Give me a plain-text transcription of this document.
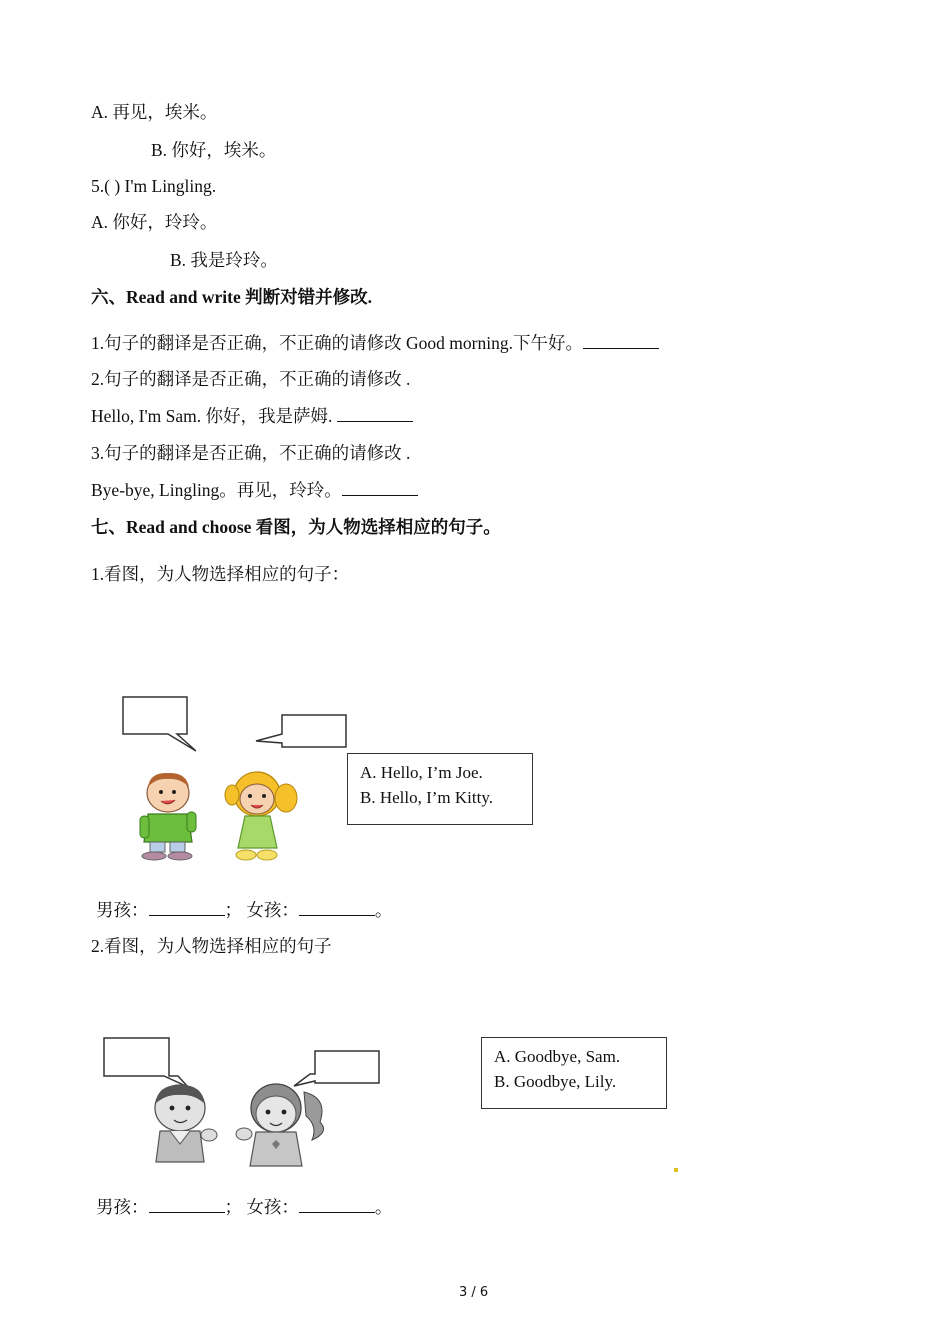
A. 再见，埃米。
B. 你好，埃米。
5.( ) I'm Lingling.
A. 你好，玲玲。
B. 我是玲玲。
六、Read and write 判断对错并修改.
1.句子的翻译是否正确，不正确的请修改 Good morning.下午好。
2.句子的翻译是否正确，不正确的请修改 .
Hello, I'm Sam. 你好，我是萨姆.
3.句子的翻译是否正确，不正确的请修改 .
Bye-bye, Lingling。再见，玲玲。
七、Read and choose 看图，为人物选择相应的句子。
1.看图，为人物选择相应的句子：
A. Hello, I’m Joe.
B. Hello, I’m Kitty.
男孩：	； 女孩：	。
2.看图，为人物选择相应的句子
A. Goodbye, Sam.
B. Goodbye, Lily.
男孩：	； 女孩：	。
3 / 6
